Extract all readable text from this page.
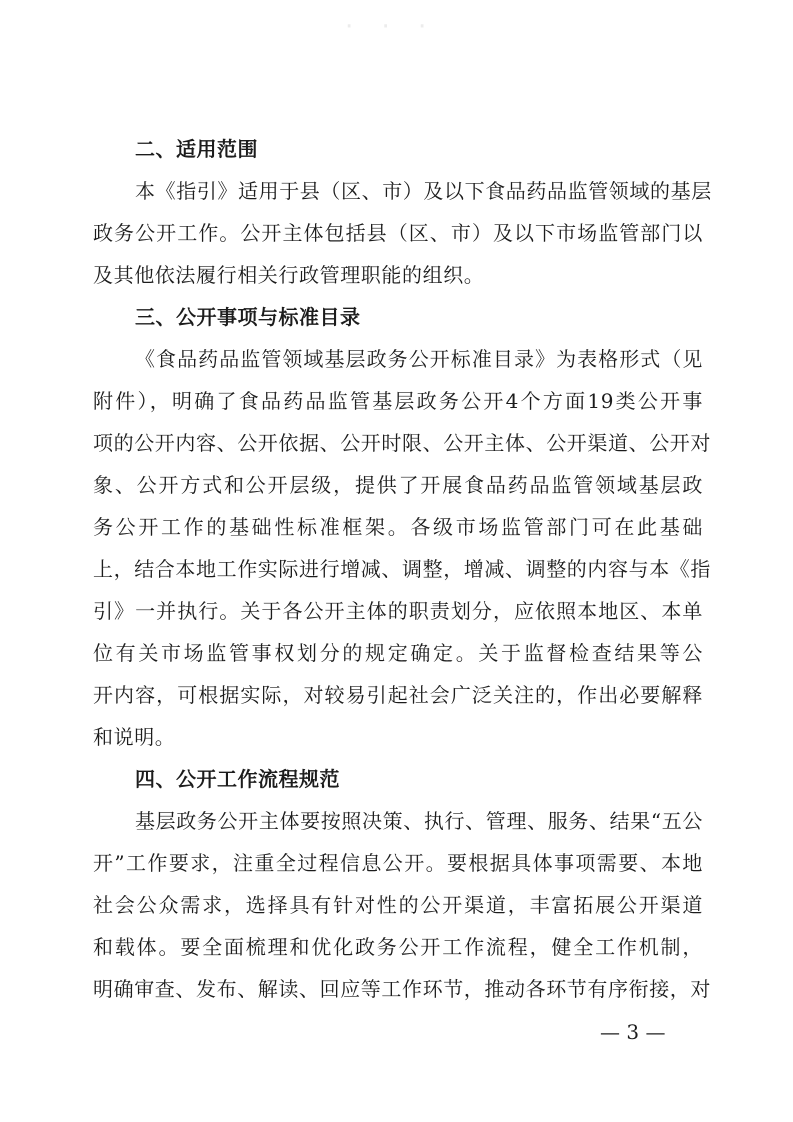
· · ·
二、适用范围
本《指引》适用于县（区、市）及以下食品药品监管领域的基层
政务公开工作。公开主体包括县（区、市）及以下市场监管部门以
及其他依法履行相关行政管理职能的组织。
三、公开事项与标准目录
《食品药品监管领域基层政务公开标准目录》为表格形式（见
附件），明确了食品药品监管基层政务公开4个方面19类公开事
项的公开内容、公开依据、公开时限、公开主体、公开渠道、公开对
象、公开方式和公开层级，提供了开展食品药品监管领域基层政
务公开工作的基础性标准框架。各级市场监管部门可在此基础
上，结合本地工作实际进行增减、调整，增减、调整的内容与本《指
引》一并执行。关于各公开主体的职责划分，应依照本地区、本单
位有关市场监管事权划分的规定确定。关于监督检查结果等公
开内容，可根据实际，对较易引起社会广泛关注的，作出必要解释
和说明。
四、公开工作流程规范
基层政务公开主体要按照决策、执行、管理、服务、结果“五公
开”工作要求，注重全过程信息公开。要根据具体事项需要、本地
社会公众需求，选择具有针对性的公开渠道，丰富拓展公开渠道
和载体。要全面梳理和优化政务公开工作流程，健全工作机制，
明确审查、发布、解读、回应等工作环节，推动各环节有序衔接，对
— 3 —
